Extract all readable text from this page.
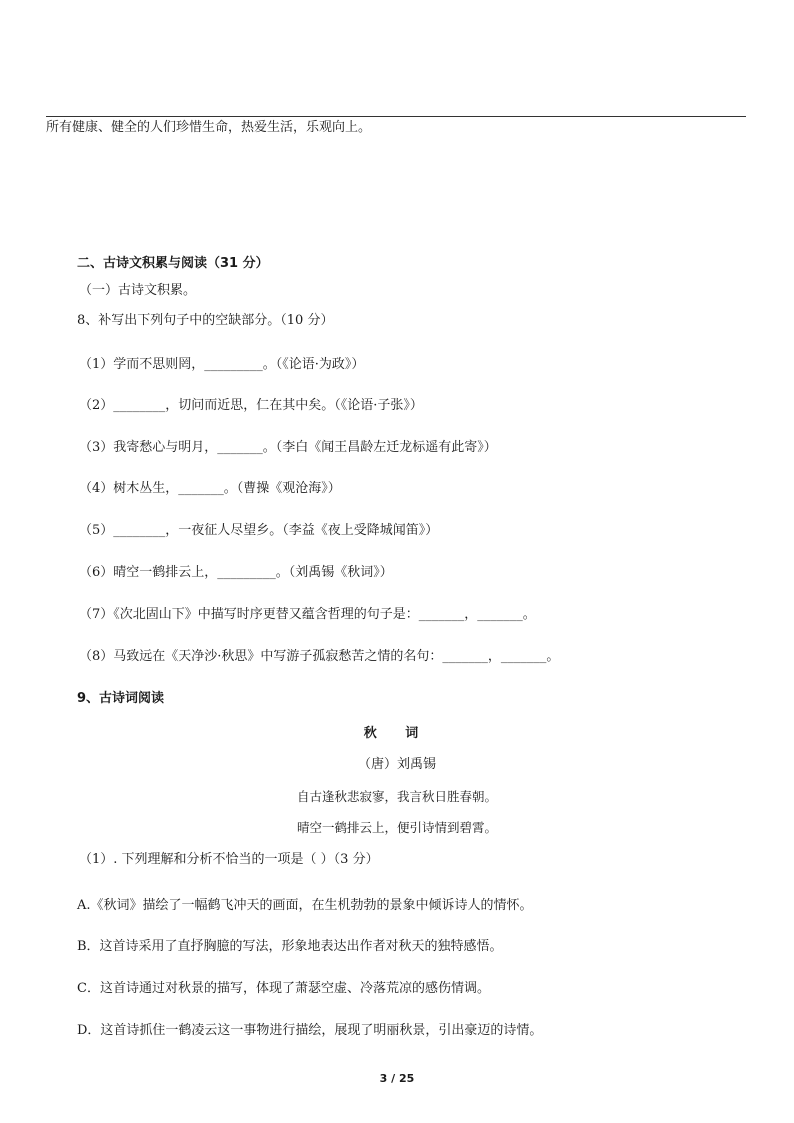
所有健康、健全的人们珍惜生命，热爱生活，乐观向上。
二、古诗文积累与阅读（31 分）
（一）古诗文积累。
8、补写出下列句子中的空缺部分。（10 分）
（1）学而不思则罔，_________。（《论语·为政》）
（2）________，切问而近思，仁在其中矣。（《论语·子张》）
（3）我寄愁心与明月，_______。（李白《闻王昌龄左迁龙标遥有此寄》）
（4）树木丛生，_______。（曹操《观沧海》）
（5）________，一夜征人尽望乡。（李益《夜上受降城闻笛》）
（6）晴空一鹤排云上，_________。（刘禹锡《秋词》）
（7）《次北固山下》中描写时序更替又蕴含哲理的句子是：_______，_______。
（8）马致远在《天净沙·秋思》中写游子孤寂愁苦之情的名句：_______，_______。
9、古诗词阅读
秋 词
（唐）刘禹锡
自古逢秋悲寂寥，我言秋日胜春朝。
晴空一鹤排云上，便引诗情到碧霄。
（1）. 下列理解和分析不恰当的一项是（ ）（3 分）
A.《秋词》描绘了一幅鹤飞冲天的画面，在生机勃勃的景象中倾诉诗人的情怀。
B．这首诗采用了直抒胸臆的写法，形象地表达出作者对秋天的独特感悟。
C．这首诗通过对秋景的描写，体现了萧瑟空虚、冷落荒凉的感伤情调。
D．这首诗抓住一鹤凌云这一事物进行描绘，展现了明丽秋景，引出豪迈的诗情。
3 / 25
